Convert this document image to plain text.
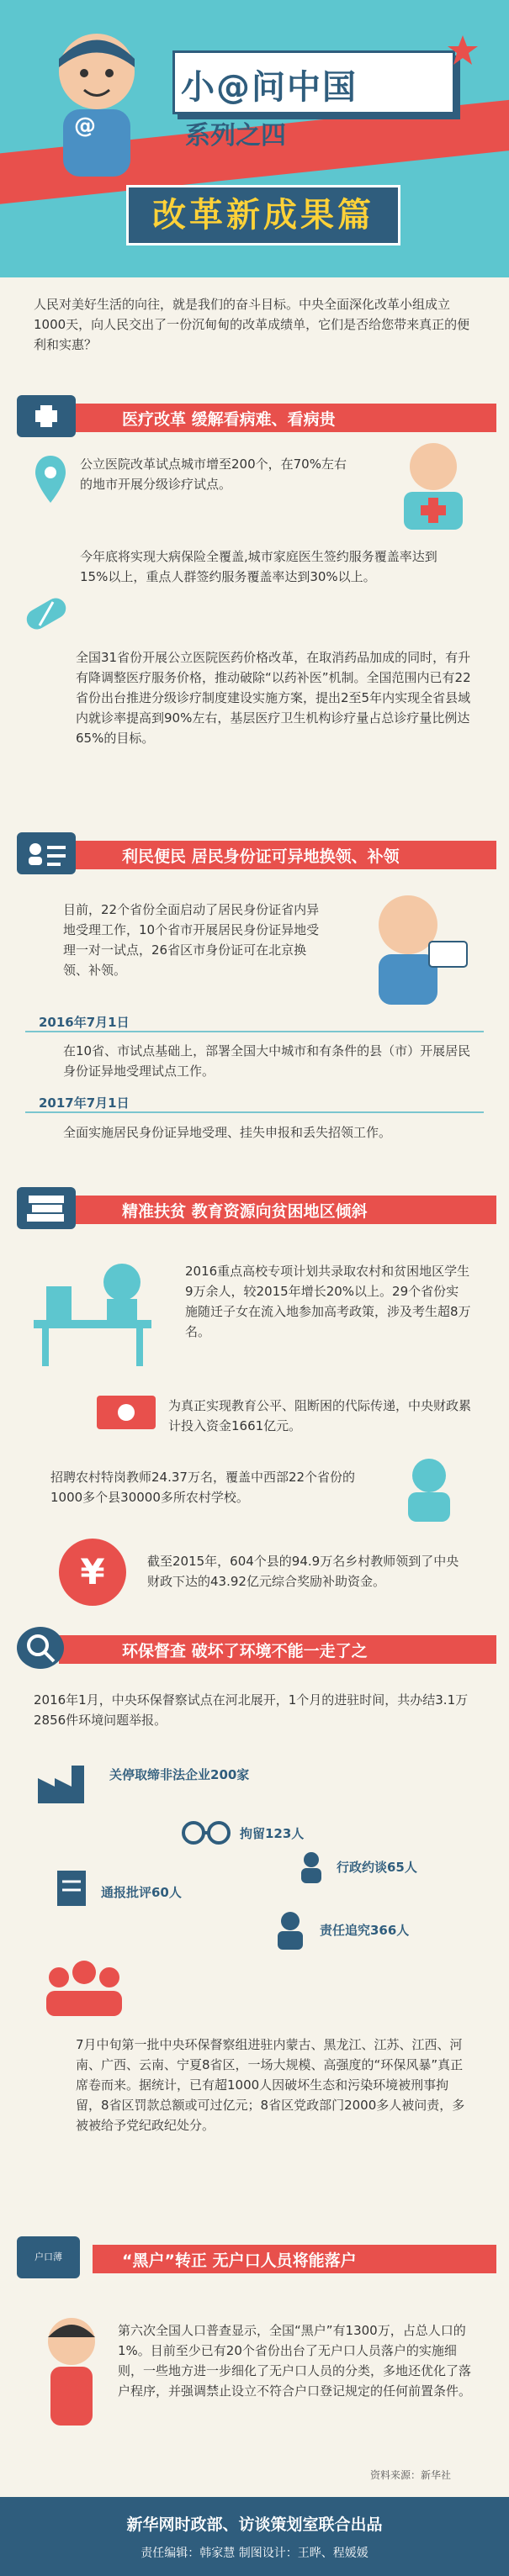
@
小@问中国
系列之四
改革新成果篇
人民对美好生活的向往，就是我们的奋斗目标。中央全面深化改革小组成立1000天，向人民交出了一份沉甸甸的改革成绩单，它们是否给您带来真正的便利和实惠？
医疗改革 缓解看病难、看病贵
公立医院改革试点城市增至200个，在70%左右的地市开展分级诊疗试点。
今年底将实现大病保险全覆盖,城市家庭医生签约服务覆盖率达到15%以上，重点人群签约服务覆盖率达到30%以上。
全国31省份开展公立医院医药价格改革，在取消药品加成的同时，有升有降调整医疗服务价格，推动破除“以药补医”机制。全国范围内已有22省份出台推进分级诊疗制度建设实施方案，提出2至5年内实现全省县域内就诊率提高到90%左右，基层医疗卫生机构诊疗量占总诊疗量比例达65%的目标。
利民便民 居民身份证可异地换领、补领
目前，22个省份全面启动了居民身份证省内异地受理工作，10个省市开展居民身份证异地受理一对一试点，26省区市身份证可在北京换领、补领。
2016年7月1日
在10省、市试点基础上，部署全国大中城市和有条件的县（市）开展居民身份证异地受理试点工作。
2017年7月1日
全面实施居民身份证异地受理、挂失申报和丢失招领工作。
精准扶贫 教育资源向贫困地区倾斜
2016重点高校专项计划共录取农村和贫困地区学生9万余人，较2015年增长20%以上。29个省份实施随迁子女在流入地参加高考政策，涉及考生超8万名。
为真正实现教育公平、阻断困的代际传递，中央财政累计投入资金1661亿元。
招聘农村特岗教师24.37万名，覆盖中西部22个省份的1000多个县30000多所农村学校。
¥	截至2015年，604个县的94.9万名乡村教师领到了中央财政下达的43.92亿元综合奖励补助资金。
环保督查 破坏了环境不能一走了之
2016年1月，中央环保督察试点在河北展开，1个月的进驻时间，共办结3.1万2856件环境问题举报。
关停取缔非法企业200家
拘留123人
行政约谈65人
通报批评60人
责任追究366人
7月中旬第一批中央环保督察组进驻内蒙古、黑龙江、江苏、江西、河南、广西、云南、宁夏8省区，一场大规模、高强度的“环保风暴”真正席卷而来。据统计，已有超1000人因破坏生态和污染环境被刑事拘留，8省区罚款总额或可过亿元；8省区党政部门2000多人被问责，多被被给予党纪政纪处分。
户口薄	“黑户”转正 无户口人员将能落户
第六次全国人口普查显示，全国“黑户”有1300万，占总人口的1%。目前至少已有20个省份出台了无户口人员落户的实施细则，一些地方进一步细化了无户口人员的分类，多地还优化了落户程序，并强调禁止设立不符合户口登记规定的任何前置条件。
资料来源：新华社
新华网时政部、访谈策划室联合出品
责任编辑：韩家慧 制图设计：王晔、程媛媛
